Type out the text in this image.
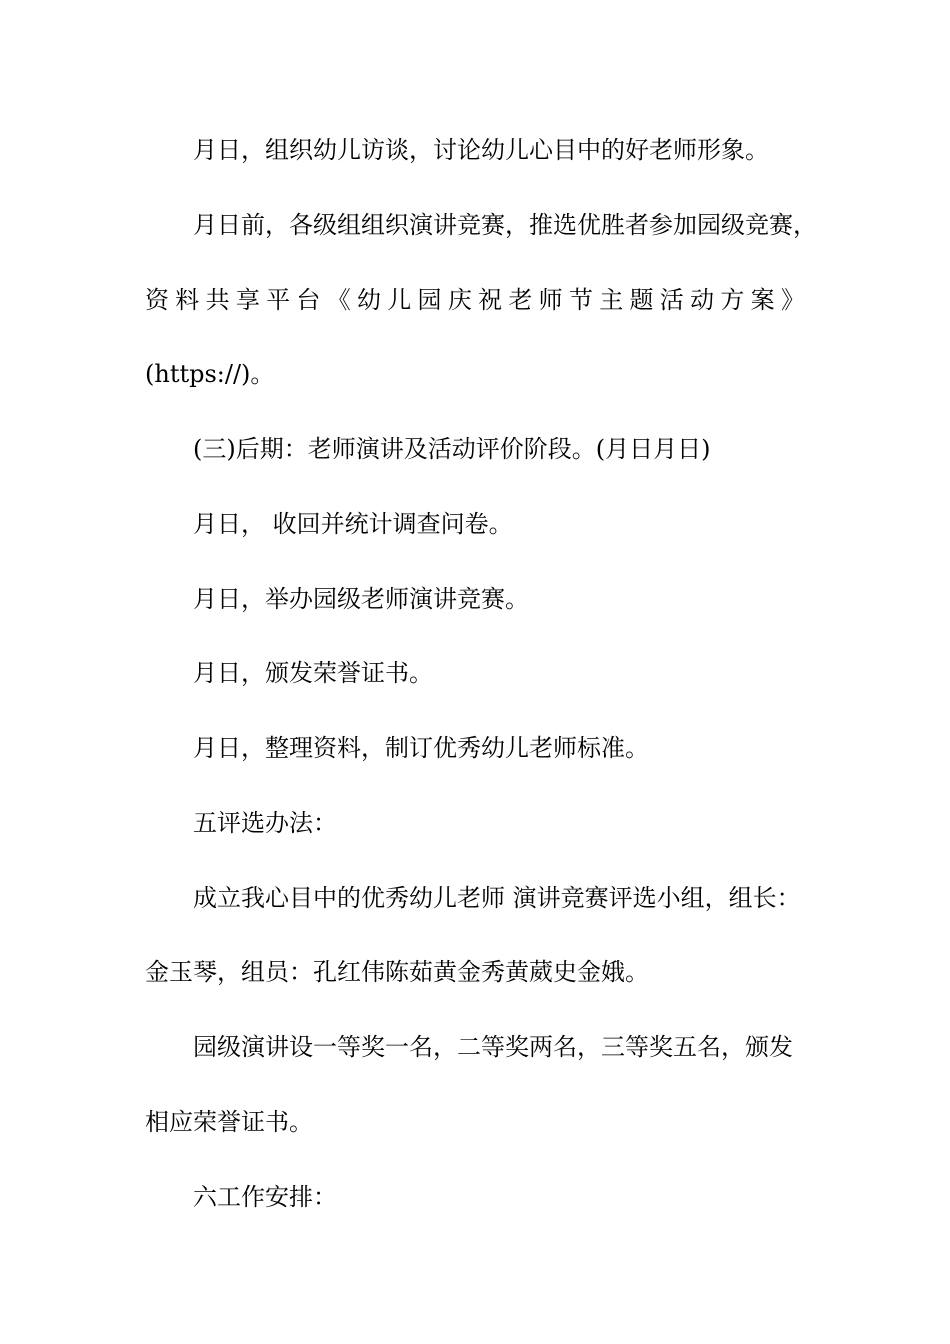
月日，组织幼儿访谈，讨论幼儿心目中的好老师形象。

月日前，各级组组织演讲竞赛，推选优胜者参加园级竞赛，

资 料 共 享 平 台 《 幼 儿 园 庆 祝 老 师 节 主 题 活 动 方 案 》

(https://)。

(三)后期：老师演讲及活动评价阶段。(月日月日)

月日， 收回并统计调查问卷。

月日，举办园级老师演讲竞赛。

月日，颁发荣誉证书。

月日，整理资料，制订优秀幼儿老师标准。

五评选办法：

成立我心目中的优秀幼儿老师 演讲竞赛评选小组，组长：

金玉琴，组员：孔红伟陈茹黄金秀黄葳史金娥。

园级演讲设一等奖一名，二等奖两名，三等奖五名，颁发

相应荣誉证书。

六工作安排：
